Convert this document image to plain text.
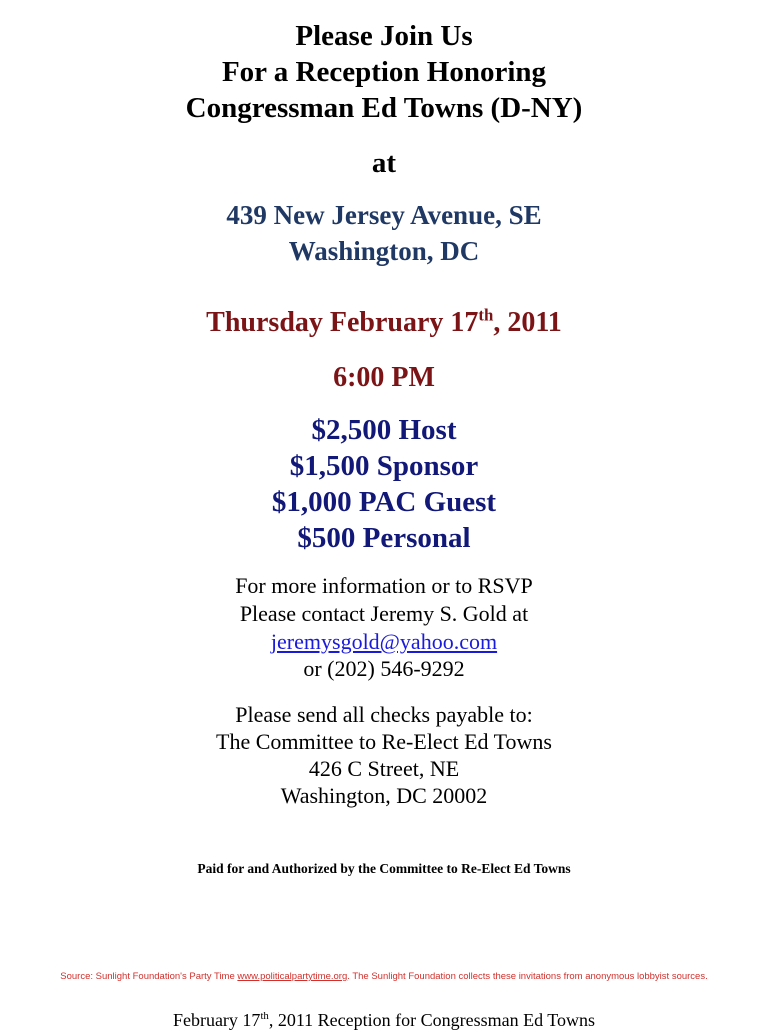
Please Join Us
For a Reception Honoring
Congressman Ed Towns (D-NY)
at
439 New Jersey Avenue, SE
Washington, DC
Thursday February 17th, 2011
6:00 PM
$2,500 Host
$1,500 Sponsor
$1,000 PAC Guest
$500 Personal
For more information or to RSVP
Please contact Jeremy S. Gold at
jeremysgold@yahoo.com
or (202) 546-9292
Please send all checks payable to:
The Committee to Re-Elect Ed Towns
426 C Street, NE
Washington, DC 20002
Paid for and Authorized by the Committee to Re-Elect Ed Towns
Source: Sunlight Foundation's Party Time www.politicalpartytime.org. The Sunlight Foundation collects these invitations from anonymous lobbyist sources.
February 17th, 2011 Reception for Congressman Ed Towns
